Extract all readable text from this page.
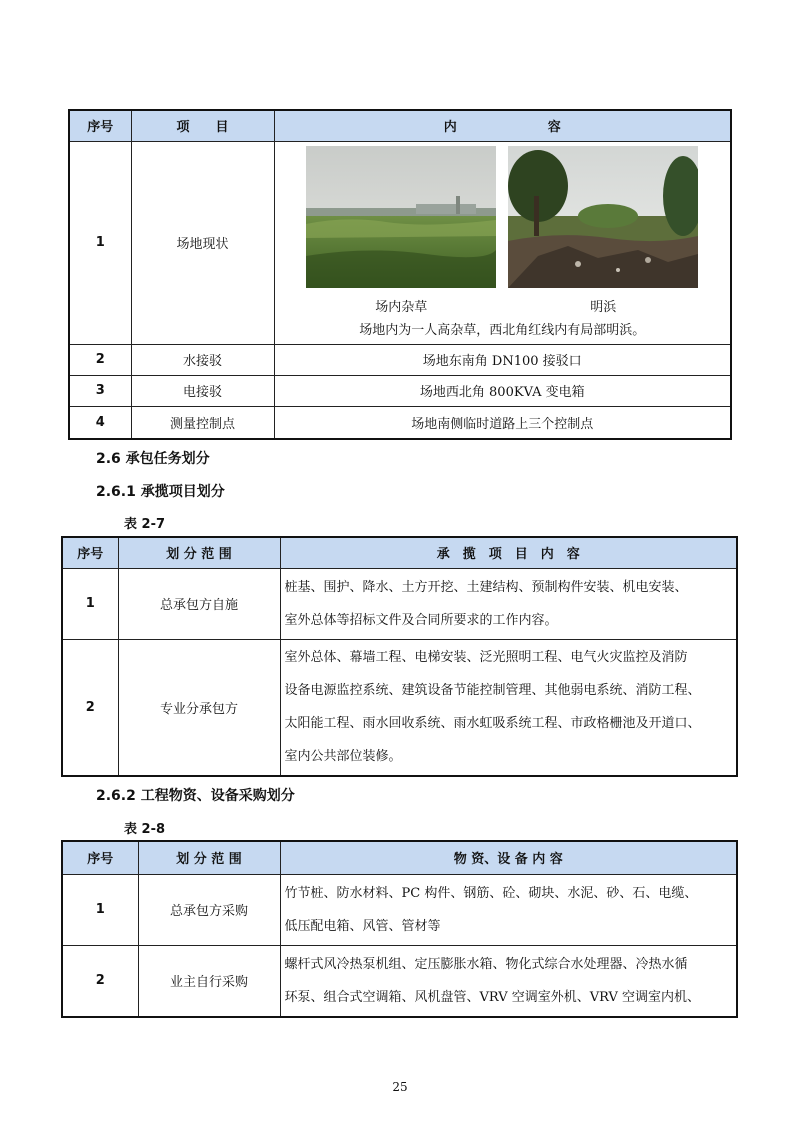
序号	项　　目	内　　　　　　　容
1	场地现状	场内杂草 明浜
场地内为一人高杂草，西北角红线内有局部明浜。

2	水接驳	场地东南角 DN100 接驳口
3	电接驳	场地西北角 800KVA 变电箱
4	测量控制点	场地南侧临时道路上三个控制点
2.6 承包任务划分
2.6.1 承揽项目划分
表 2-7
序号	划 分 范 围	承　揽　项　目　内　容
1	总承包方自施	桩基、围护、降水、土方开挖、土建结构、预制构件安装、机电安装、
室外总体等招标文件及合同所要求的工作内容。

2	专业分承包方	室外总体、幕墙工程、电梯安装、泛光照明工程、电气火灾监控及消防
设备电源监控系统、建筑设备节能控制管理、其他弱电系统、消防工程、
太阳能工程、雨水回收系统、雨水虹吸系统工程、市政格栅池及开道口、
室内公共部位装修。
2.6.2 工程物资、设备采购划分
表 2-8
序号	划 分 范 围	物 资、设 备 内 容
1	总承包方采购	竹节桩、防水材料、PC 构件、钢筋、砼、砌块、水泥、砂、石、电缆、
低压配电箱、风管、管材等

2	业主自行采购	螺杆式风冷热泵机组、定压膨胀水箱、物化式综合水处理器、冷热水循
环泵、组合式空调箱、风机盘管、VRV 空调室外机、VRV 空调室内机、
25
